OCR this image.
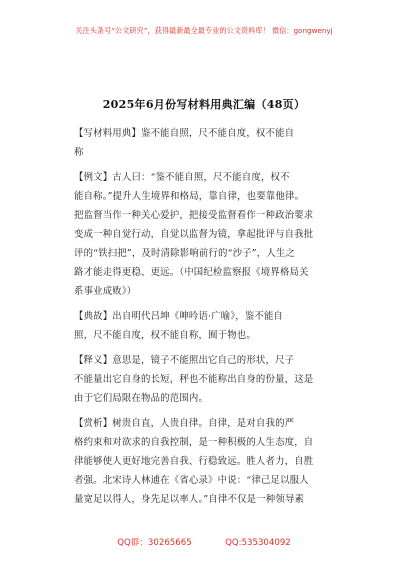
关注头条号“公文研究”，获得最新最全最专业的公文资料库！ 微信：gongwenyj
2025年6月份写材料用典汇编（48页）
【写材料用典】鉴不能自照，尺不能自度，权不能自
称
【例文】古人曰：“鉴不能自照，尺不能自度，权不
能自称。”提升人生境界和格局，靠自律，也要靠他律。
把监督当作一种关心爱护，把接受监督看作一种政治要求
变成一种自觉行动，自觉以监督为镜，拿起批评与自我批
评的“铁扫把”，及时清除影响前行的“沙子”，人生之
路才能走得更稳、更远。（中国纪检监察报《境界格局关
系事业成败》）
【典故】出自明代吕坤《呻吟语·广喻》，鉴不能自
照，尺不能自度，权不能自称，囿于物也。
【释义】意思是，镜子不能照出它自己的形状，尺子
不能量出它自身的长短，秤也不能称出自身的份量，这是
由于它们局限在物品的范围内。
【赏析】树贵自直，人贵自律。自律，是对自我的严
格约束和对欲求的自我控制，是一种积极的人生态度，自
律能够使人更好地完善自我、行稳致远。胜人者力，自胜
者强。北宋诗人林逋在《省心录》中说：“律己足以服人
量宽足以得人，身先足以率人。”自律不仅是一种领导素
QQ群：30265665	QQ:535304092
